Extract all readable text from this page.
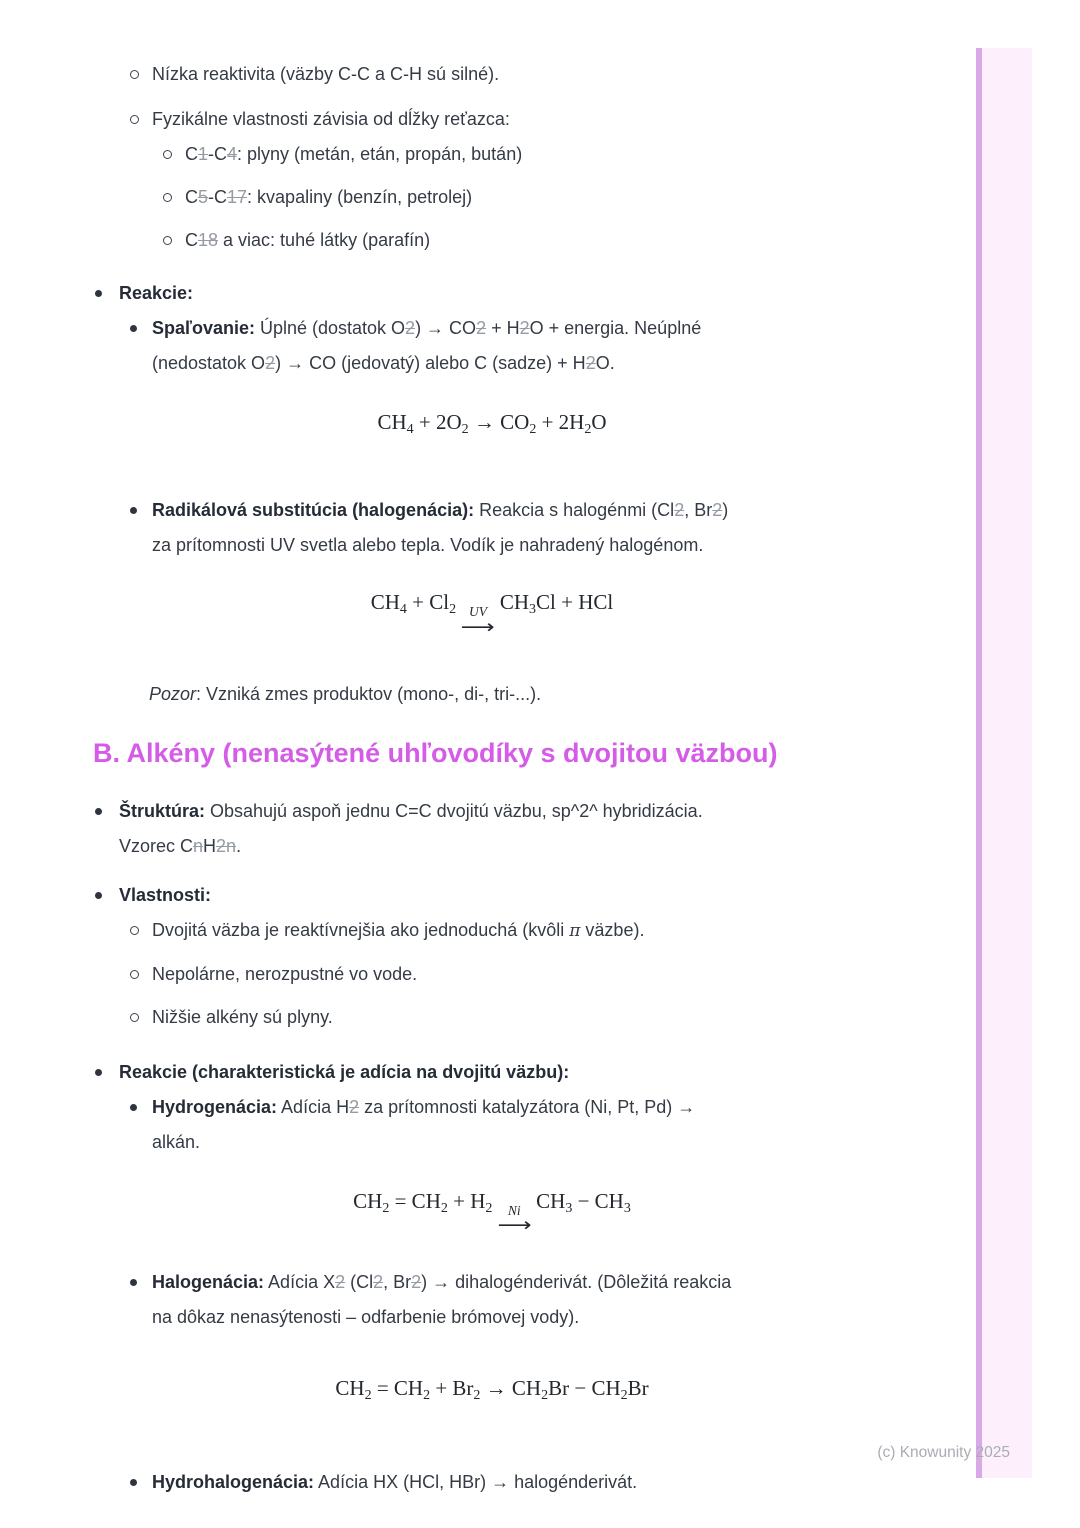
(c) Knowunity 2025
Nízka reaktivita (väzby C-C a C-H sú silné).
Fyzikálne vlastnosti závisia od dĺžky reťazca:
C1-C4: plyny (metán, etán, propán, bután)
C5-C17: kvapaliny (benzín, petrolej)
C18 a viac: tuhé látky (parafín)
Reakcie:
Spaľovanie: Úplné (dostatok O2) → CO2 + H2O + energia. Neúplné
(nedostatok O2) → CO (jedovatý) alebo C (sadze) + H2O.
CH4 + 2O2 → CO2 + 2H2O
Radikálová substitúcia (halogenácia): Reakcia s halogénmi (Cl2, Br2)
za prítomnosti UV svetla alebo tepla. Vodík je nahradený halogénom.
CH4 + Cl2 UV
⟶
CH3Cl + HCl
Pozor: Vzniká zmes produktov (mono-, di-, tri-...).
B. Alkény (nenasýtené uhľovodíky s dvojitou väzbou)
Štruktúra: Obsahujú aspoň jednu C=C dvojitú väzbu, sp^2^ hybridizácia.
Vzorec CnH2n.
Vlastnosti:
Dvojitá väzba je reaktívnejšia ako jednoduchá (kvôli π väzbe).
Nepolárne, nerozpustné vo vode.
Nižšie alkény sú plyny.
Reakcie (charakteristická je adícia na dvojitú väzbu):
Hydrogenácia: Adícia H2 za prítomnosti katalyzátora (Ni, Pt, Pd) →
alkán.
CH2 = CH2 + H2 Ni
⟶
CH3 − CH3
Halogenácia: Adícia X2 (Cl2, Br2) → dihalogénderivát. (Dôležitá reakcia
na dôkaz nenasýtenosti – odfarbenie brómovej vody).
CH2 = CH2 + Br2 → CH2Br − CH2Br
Hydrohalogenácia: Adícia HX (HCl, HBr) → halogénderivát.
